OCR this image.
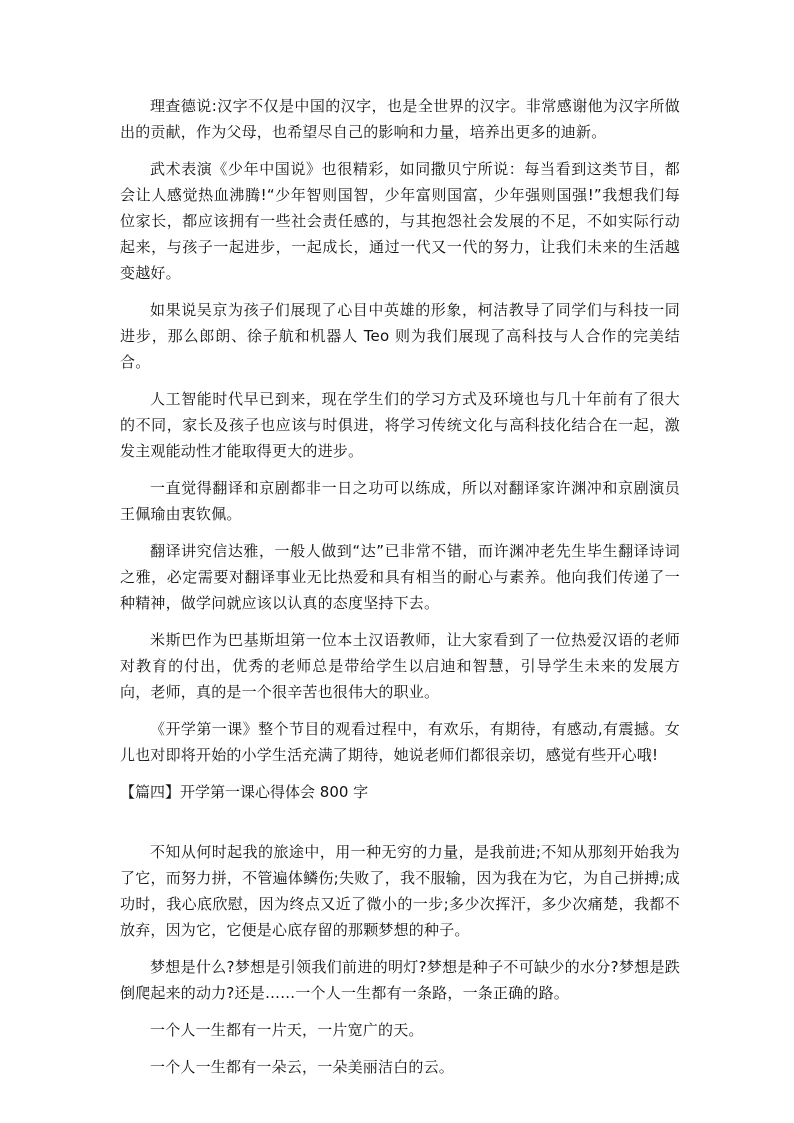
理查德说:汉字不仅是中国的汉字，也是全世界的汉字。非常感谢他为汉字所做出的贡献，作为父母，也希望尽自己的影响和力量，培养出更多的迪新。

武术表演《少年中国说》也很精彩，如同撒贝宁所说：每当看到这类节目，都会让人感觉热血沸腾!“少年智则国智，少年富则国富，少年强则国强!”我想我们每位家长，都应该拥有一些社会责任感的，与其抱怨社会发展的不足，不如实际行动起来，与孩子一起进步，一起成长，通过一代又一代的努力，让我们未来的生活越变越好。

如果说吴京为孩子们展现了心目中英雄的形象，柯洁教导了同学们与科技一同进步，那么郎朗、徐子航和机器人 Teo 则为我们展现了高科技与人合作的完美结合。

人工智能时代早已到来，现在学生们的学习方式及环境也与几十年前有了很大的不同，家长及孩子也应该与时俱进，将学习传统文化与高科技化结合在一起，激发主观能动性才能取得更大的进步。

一直觉得翻译和京剧都非一日之功可以练成，所以对翻译家许渊冲和京剧演员王佩瑜由衷钦佩。

翻译讲究信达雅，一般人做到“达”已非常不错，而许渊冲老先生毕生翻译诗词之雅，必定需要对翻译事业无比热爱和具有相当的耐心与素养。他向我们传递了一种精神，做学问就应该以认真的态度坚持下去。

米斯巴作为巴基斯坦第一位本土汉语教师，让大家看到了一位热爱汉语的老师对教育的付出，优秀的老师总是带给学生以启迪和智慧，引导学生未来的发展方向，老师，真的是一个很辛苦也很伟大的职业。

《开学第一课》整个节目的观看过程中，有欢乐，有期待，有感动,有震撼。女儿也对即将开始的小学生活充满了期待，她说老师们都很亲切，感觉有些开心哦!

【篇四】开学第一课心得体会 800 字

不知从何时起我的旅途中，用一种无穷的力量，是我前进;不知从那刻开始我为了它，而努力拼，不管遍体鳞伤;失败了，我不服输，因为我在为它，为自己拼搏;成功时，我心底欣慰，因为终点又近了微小的一步;多少次挥汗，多少次痛楚，我都不放弃，因为它，它便是心底存留的那颗梦想的种子。

梦想是什么?梦想是引领我们前进的明灯?梦想是种子不可缺少的水分?梦想是跌倒爬起来的动力?还是……一个人一生都有一条路，一条正确的路。

一个人一生都有一片天，一片宽广的天。

一个人一生都有一朵云，一朵美丽洁白的云。
